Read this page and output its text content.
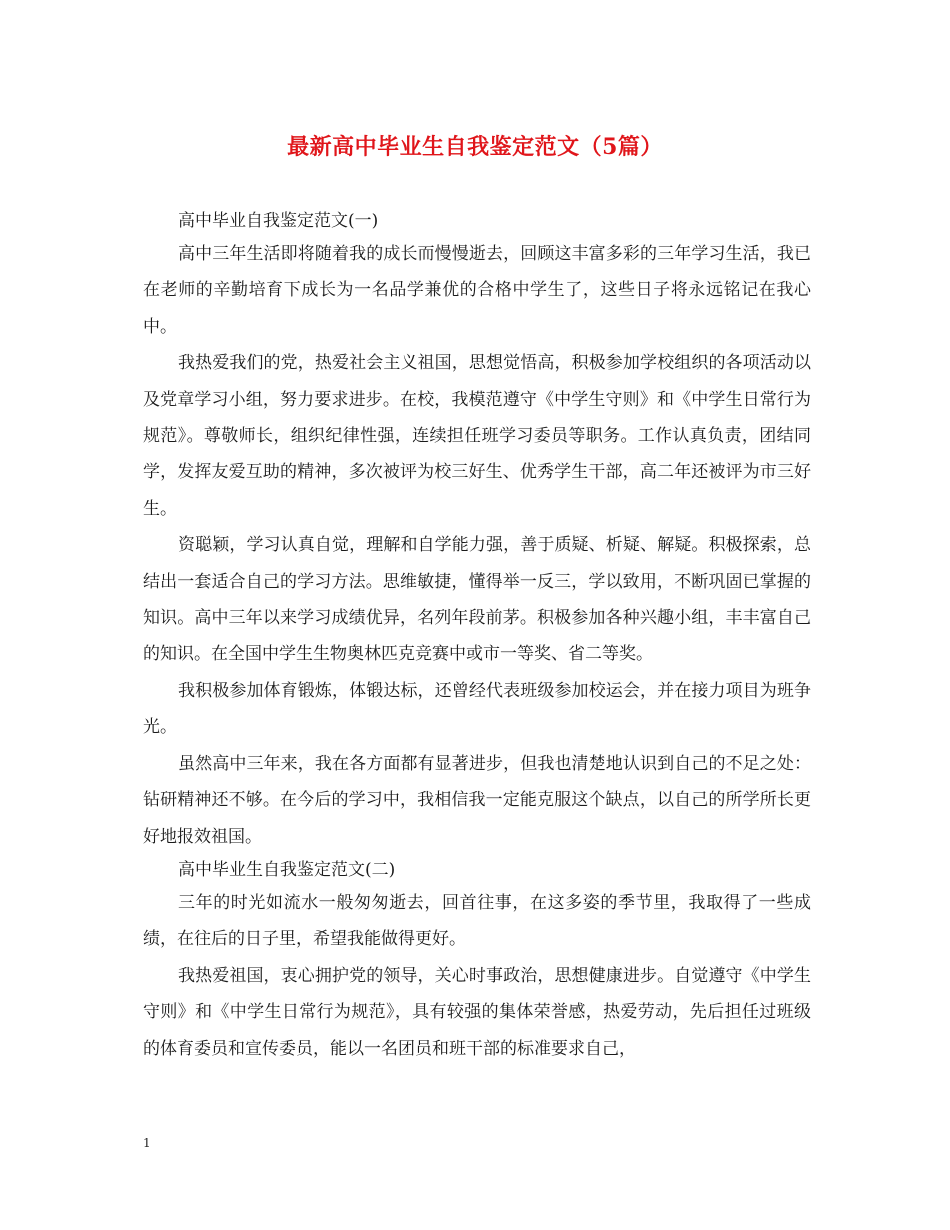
最新高中毕业生自我鉴定范文（5篇）

高中毕业自我鉴定范文(一)

高中三年生活即将随着我的成长而慢慢逝去，回顾这丰富多彩的三年学习生活，我已在老师的辛勤培育下成长为一名品学兼优的合格中学生了，这些日子将永远铭记在我心中。

我热爱我们的党，热爱社会主义祖国，思想觉悟高，积极参加学校组织的各项活动以及党章学习小组，努力要求进步。在校，我模范遵守《中学生守则》和《中学生日常行为规范》。尊敬师长，组织纪律性强，连续担任班学习委员等职务。工作认真负责，团结同学，发挥友爱互助的精神，多次被评为校三好生、优秀学生干部，高二年还被评为市三好生。

资聪颖，学习认真自觉，理解和自学能力强，善于质疑、析疑、解疑。积极探索，总结出一套适合自己的学习方法。思维敏捷，懂得举一反三，学以致用，不断巩固已掌握的知识。高中三年以来学习成绩优异，名列年段前茅。积极参加各种兴趣小组，丰丰富自己的知识。在全国中学生生物奥林匹克竞赛中或市一等奖、省二等奖。

我积极参加体育锻炼，体锻达标，还曾经代表班级参加校运会，并在接力项目为班争光。

虽然高中三年来，我在各方面都有显著进步，但我也清楚地认识到自己的不足之处：钻研精神还不够。在今后的学习中，我相信我一定能克服这个缺点，以自己的所学所长更好地报效祖国。

高中毕业生自我鉴定范文(二)

三年的时光如流水一般匆匆逝去，回首往事，在这多姿的季节里，我取得了一些成绩，在往后的日子里，希望我能做得更好。

我热爱祖国，衷心拥护党的领导，关心时事政治，思想健康进步。自觉遵守《中学生守则》和《中学生日常行为规范》，具有较强的集体荣誉感，热爱劳动，先后担任过班级的体育委员和宣传委员，能以一名团员和班干部的标准要求自己，

1
